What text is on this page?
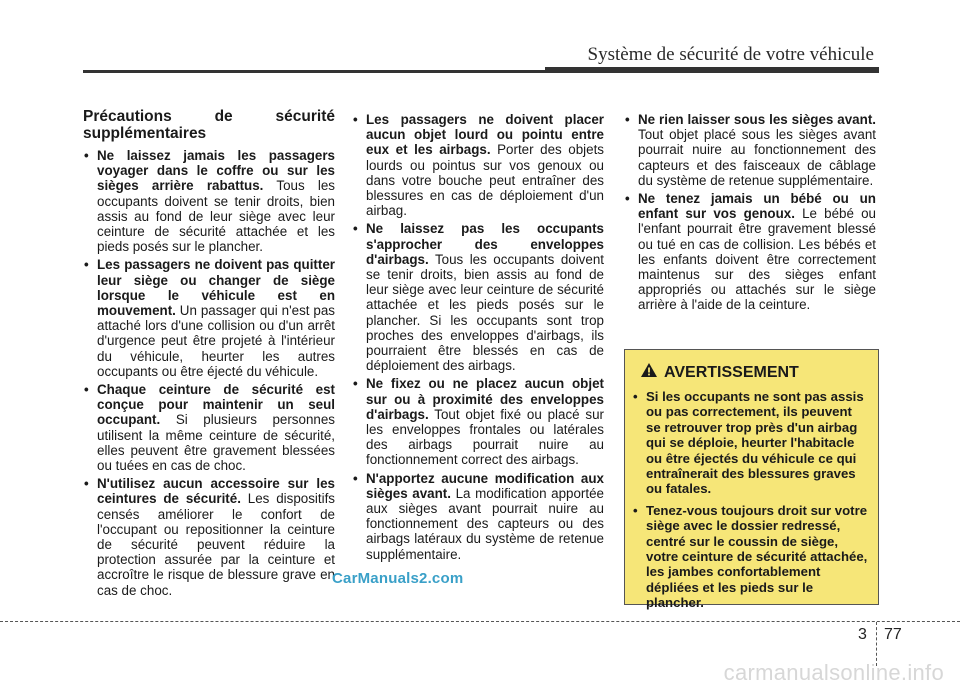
Système de sécurité de votre véhicule
Précautions de sécurité supplémentaires
• Ne laissez jamais les passagers voyager dans le coffre ou sur les sièges arrière rabattus. Tous les occupants doivent se tenir droits, bien assis au fond de leur siège avec leur ceinture de sécurité attachée et les pieds posés sur le plancher.
• Les passagers ne doivent pas quitter leur siège ou changer de siège lorsque le véhicule est en mouvement. Un passager qui n'est pas attaché lors d'une collision ou d'un arrêt d'urgence peut être projeté à l'intérieur du véhicule, heurter les autres occupants ou être éjecté du véhicule.
• Chaque ceinture de sécurité est conçue pour maintenir un seul occupant. Si plusieurs personnes utilisent la même ceinture de sécurité, elles peuvent être gravement blessées ou tuées en cas de choc.
• N'utilisez aucun accessoire sur les ceintures de sécurité. Les dispositifs censés améliorer le confort de l'occupant ou repositionner la ceinture de sécurité peuvent réduire la protection assurée par la ceinture et accroître le risque de blessure grave en cas de choc.
• Les passagers ne doivent placer aucun objet lourd ou pointu entre eux et les airbags. Porter des objets lourds ou pointus sur vos genoux ou dans votre bouche peut entraîner des blessures en cas de déploiement d'un airbag.
• Ne laissez pas les occupants s'approcher des enveloppes d'airbags. Tous les occupants doivent se tenir droits, bien assis au fond de leur siège avec leur ceinture de sécurité attachée et les pieds posés sur le plancher. Si les occupants sont trop proches des enveloppes d'airbags, ils pourraient être blessés en cas de déploiement des airbags.
• Ne fixez ou ne placez aucun objet sur ou à proximité des enveloppes d'airbags. Tout objet fixé ou placé sur les enveloppes frontales ou latérales des airbags pourrait nuire au fonctionnement correct des airbags.
• N'apportez aucune modification aux sièges avant. La modification apportée aux sièges avant pourrait nuire au fonctionnement des capteurs ou des airbags latéraux du système de retenue supplémentaire.
• Ne rien laisser sous les sièges avant. Tout objet placé sous les sièges avant pourrait nuire au fonctionnement des capteurs et des faisceaux de câblage du système de retenue supplémentaire.
• Ne tenez jamais un bébé ou un enfant sur vos genoux. Le bébé ou l'enfant pourrait être gravement blessé ou tué en cas de collision. Les bébés et les enfants doivent être correctement maintenus sur des sièges enfant appropriés ou attachés sur le siège arrière à l'aide de la ceinture.
AVERTISSEMENT
• Si les occupants ne sont pas assis ou pas correctement, ils peuvent se retrouver trop près d'un airbag qui se déploie, heurter l'habitacle ou être éjectés du véhicule ce qui entraînerait des blessures graves ou fatales.
• Tenez-vous toujours droit sur votre siège avec le dossier redressé, centré sur le coussin de siège, votre ceinture de sécurité attachée, les jambes confortablement dépliées et les pieds sur le plancher.
CarManuals2.com
3 77
carmanualsonline.info
